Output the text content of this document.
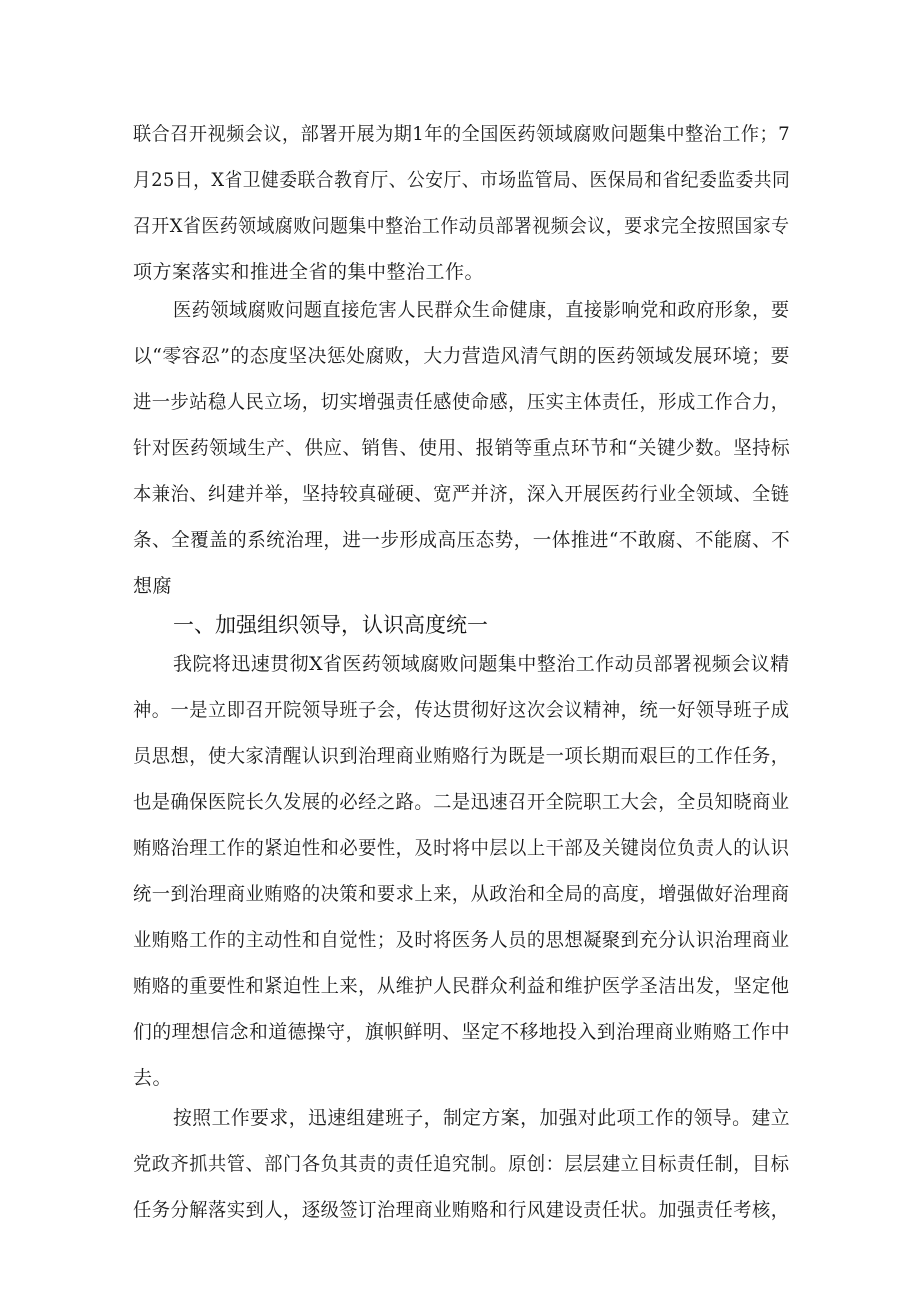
联合召开视频会议，部署开展为期1年的全国医药领域腐败问题集中整治工作；7
月25日，X省卫健委联合教育厅、公安厅、市场监管局、医保局和省纪委监委共同
召开X省医药领域腐败问题集中整治工作动员部署视频会议，要求完全按照国家专
项方案落实和推进全省的集中整治工作。
医药领域腐败问题直接危害人民群众生命健康，直接影响党和政府形象，要
以“零容忍”的态度坚决惩处腐败，大力营造风清气朗的医药领域发展环境；要
进一步站稳人民立场，切实增强责任感使命感，压实主体责任，形成工作合力，
针对医药领域生产、供应、销售、使用、报销等重点环节和“关键少数。坚持标
本兼治、纠建并举，坚持较真碰硬、宽严并济，深入开展医药行业全领域、全链
条、全覆盖的系统治理，进一步形成高压态势，一体推进“不敢腐、不能腐、不
想腐
一、加强组织领导，认识高度统一
我院将迅速贯彻X省医药领域腐败问题集中整治工作动员部署视频会议精
神。一是立即召开院领导班子会，传达贯彻好这次会议精神，统一好领导班子成
员思想，使大家清醒认识到治理商业贿赂行为既是一项长期而艰巨的工作任务，
也是确保医院长久发展的必经之路。二是迅速召开全院职工大会，全员知晓商业
贿赂治理工作的紧迫性和必要性，及时将中层以上干部及关键岗位负责人的认识
统一到治理商业贿赂的决策和要求上来，从政治和全局的高度，增强做好治理商
业贿赂工作的主动性和自觉性；及时将医务人员的思想凝聚到充分认识治理商业
贿赂的重要性和紧迫性上来，从维护人民群众利益和维护医学圣洁出发，坚定他
们的理想信念和道德操守，旗帜鲜明、坚定不移地投入到治理商业贿赂工作中
去。
按照工作要求，迅速组建班子，制定方案，加强对此项工作的领导。建立
党政齐抓共管、部门各负其责的责任追究制。原创：层层建立目标责任制，目标
任务分解落实到人，逐级签订治理商业贿赂和行风建设责任状。加强责任考核，
